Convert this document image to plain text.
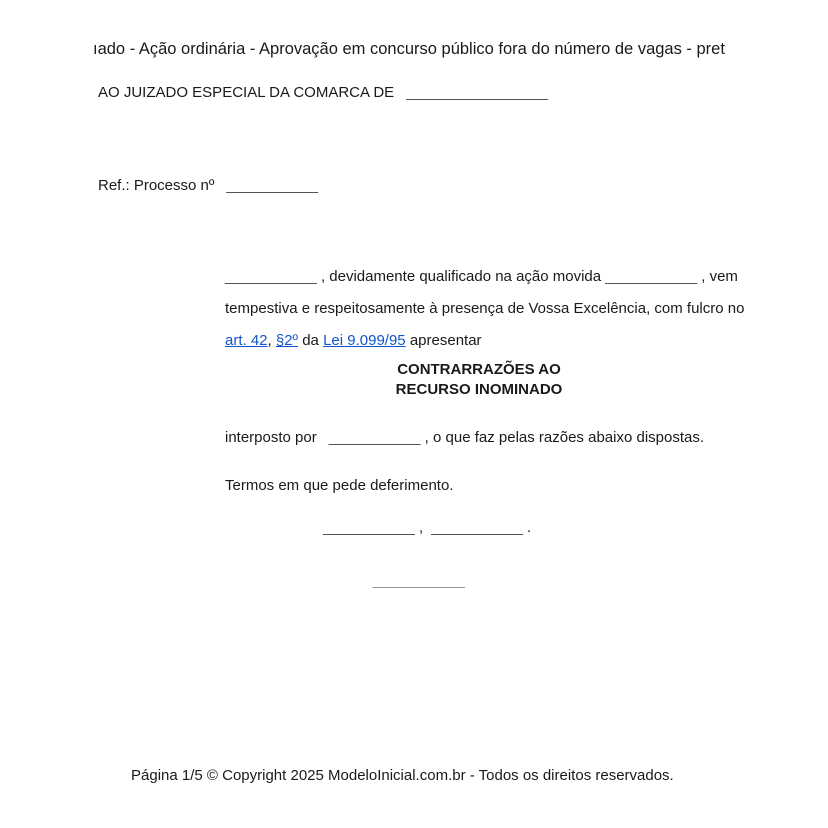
ıado - Ação ordinária - Aprovação em concurso público fora do número de vagas - pret
AO JUIZADO ESPECIAL DA COMARCA DE _________________
Ref.: Processo nº ___________
___________ , devidamente qualificado na ação movida ___________ , vem
tempestiva e respeitosamente à presença de Vossa Excelência, com fulcro no
art. 42, §2º da Lei 9.099/95 apresentar
CONTRARRAZÕES AO
RECURSO INOMINADO
interposto por ___________ , o que faz pelas razões abaixo dispostas.
Termos em que pede deferimento.
___________ , ___________ .
___________
Página 1/5 © Copyright 2025 ModeloInicial.com.br - Todos os direitos reservados.
